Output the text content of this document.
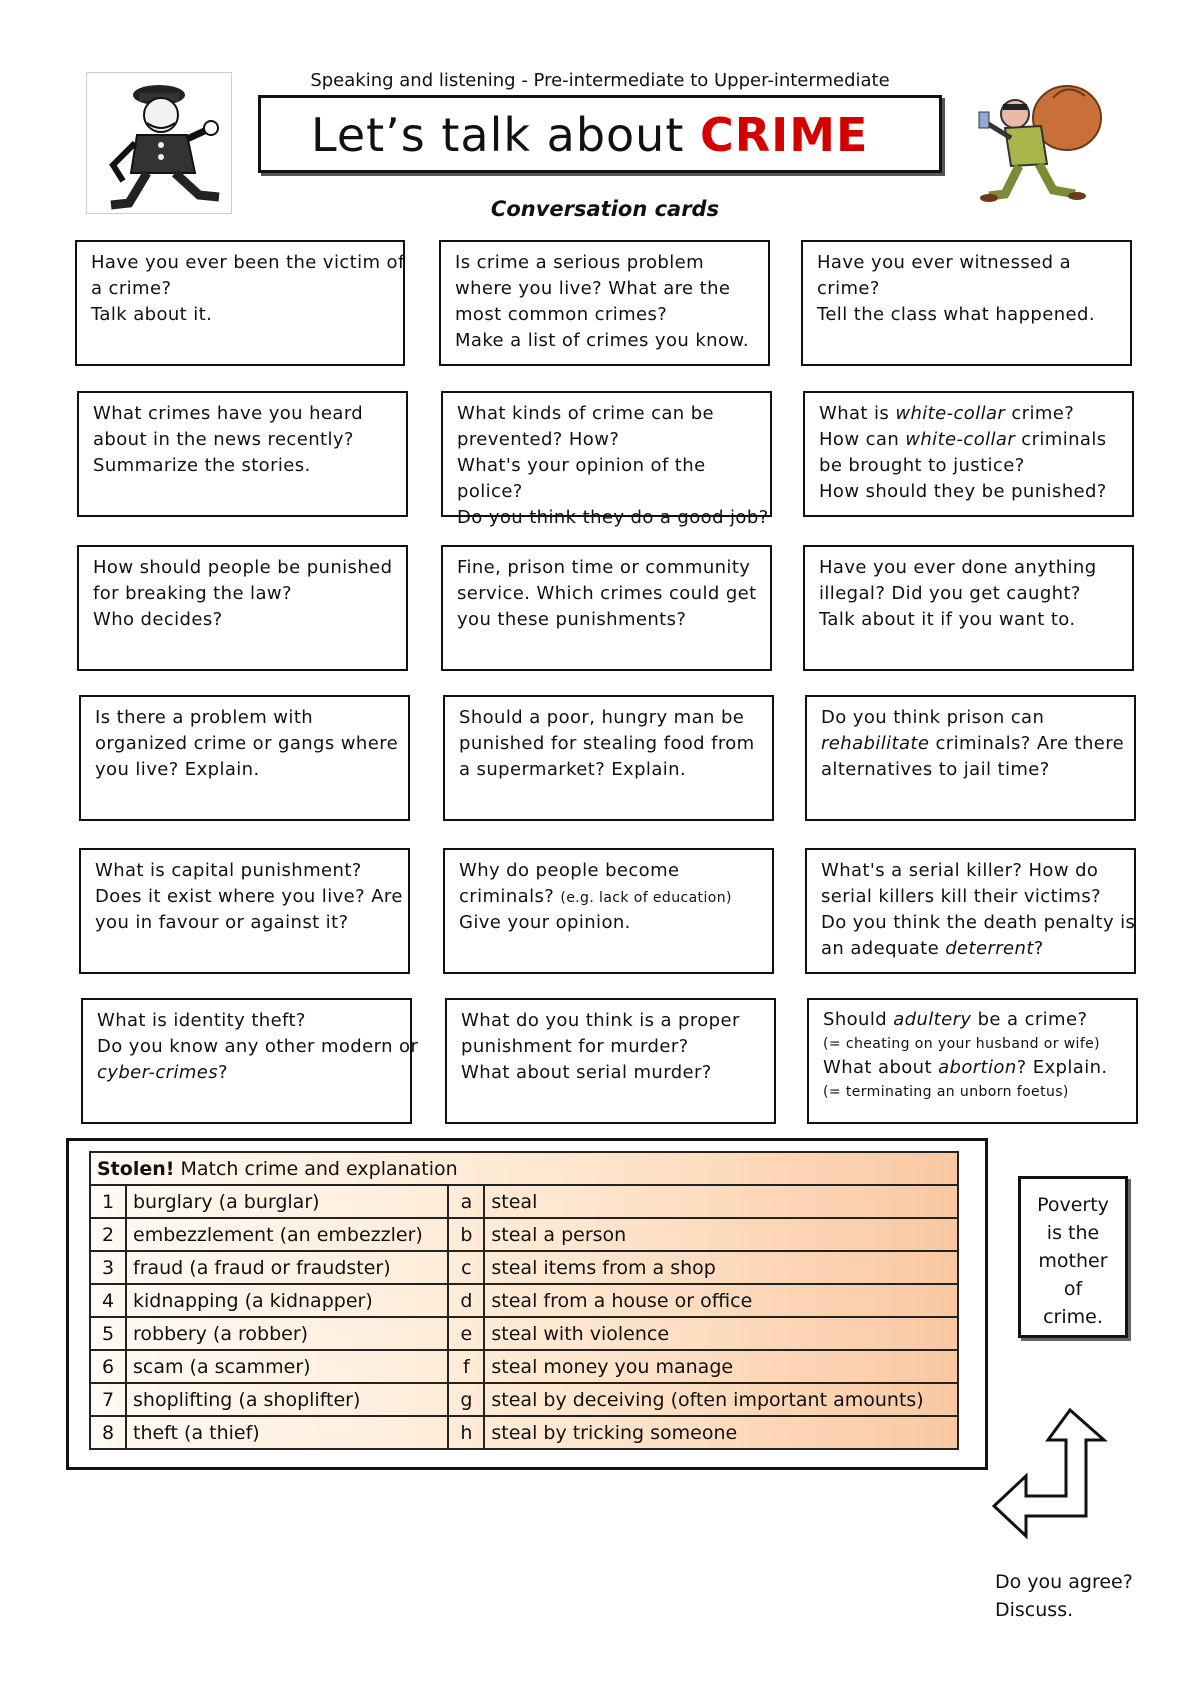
Speaking and listening - Pre-intermediate to Upper-intermediate
Let’s talk about CRIME
Conversation cards
Have you ever been the victim of
a crime?
Talk about it.
Is crime a serious problem
where you live? What are the
most common crimes?
Make a list of crimes you know.
Have you ever witnessed a
crime?
Tell the class what happened.
What crimes have you heard
about in the news recently?
Summarize the stories.
What kinds of crime can be
prevented? How?
What's your opinion of the
police?
Do you think they do a good job?
What is white-collar crime?
How can white-collar criminals
be brought to justice?
How should they be punished?
How should people be punished
for breaking the law?
Who decides?
Fine, prison time or community
service. Which crimes could get
you these punishments?
Have you ever done anything
illegal? Did you get caught?
Talk about it if you want to.
Is there a problem with
organized crime or gangs where
you live? Explain.
Should a poor, hungry man be
punished for stealing food from
a supermarket? Explain.
Do you think prison can
rehabilitate criminals? Are there
alternatives to jail time?
What is capital punishment?
Does it exist where you live? Are
you in favour or against it?
Why do people become
criminals? (e.g. lack of education)
Give your opinion.
What's a serial killer? How do
serial killers kill their victims?
Do you think the death penalty is
an adequate deterrent?
What is identity theft?
Do you know any other modern or
cyber-crimes?
What do you think is a proper
punishment for murder?
What about serial murder?
Should adultery be a crime?
(= cheating on your husband or wife)
What about abortion? Explain.
(= terminating an unborn foetus)
Stolen! Match crime and explanation			
1	burglary (a burglar)	a	steal
2	embezzlement (an embezzler)	b	steal a person
3	fraud (a fraud or fraudster)	c	steal items from a shop
4	kidnapping (a kidnapper)	d	steal from a house or office
5	robbery (a robber)	e	steal with violence
6	scam (a scammer)	f	steal money you manage
7	shoplifting (a shoplifter)	g	steal by deceiving (often important amounts)
8	theft (a thief)	h	steal by tricking someone
Poverty
is the
mother
of
crime.
Do you agree?
Discuss.
